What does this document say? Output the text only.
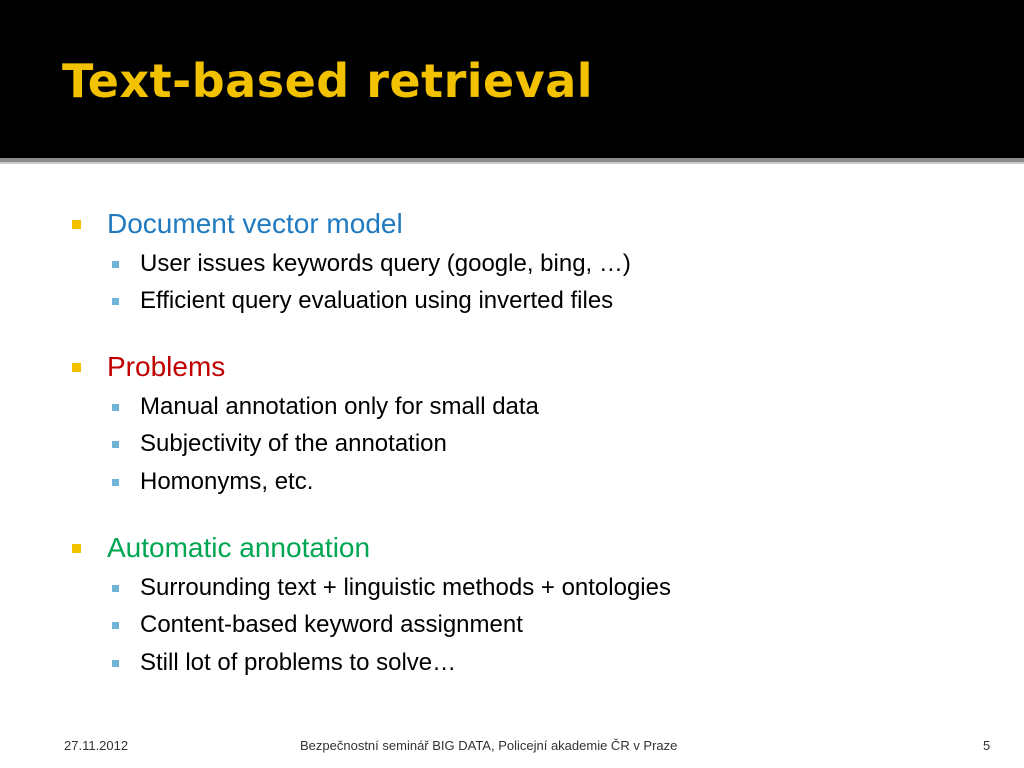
Text-based retrieval
Document vector model
User issues keywords query (google, bing, …)
Efficient query evaluation using inverted files
Problems
Manual annotation only for small data
Subjectivity of the annotation
Homonyms, etc.
Automatic annotation
Surrounding text + linguistic methods + ontologies
Content-based keyword assignment
Still lot of problems to solve…
27.11.2012	Bezpečnostní seminář BIG DATA, Policejní akademie ČR v Praze	5
